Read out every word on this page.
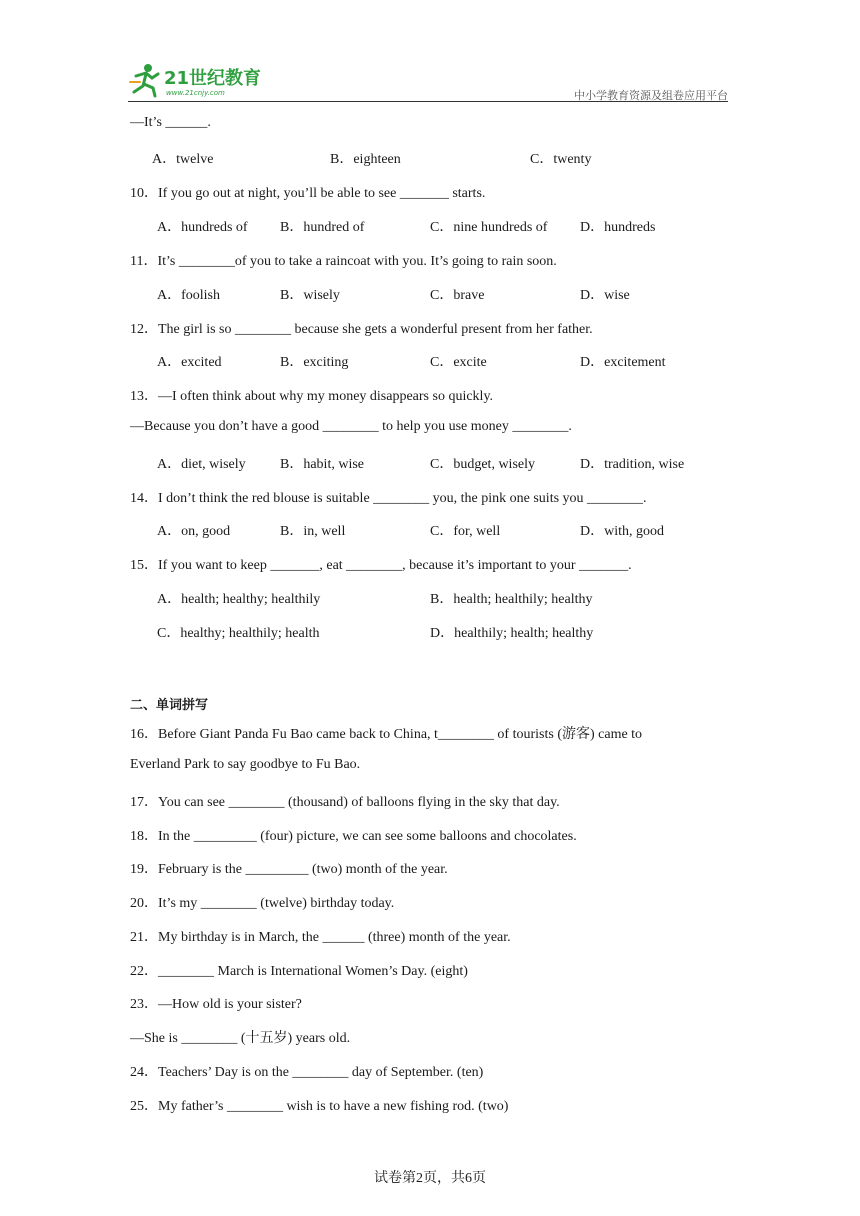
21世纪教育
www.21cnjy.com	中小学教育资源及组卷应用平台
—It’s ______.
A．twelve	B．eighteen	C．twenty
10．If you go out at night, you’ll be able to see _______ starts.
A．hundreds of B．hundred of	C．nine hundreds of D．hundreds
11．It’s ________of you to take a raincoat with you. It’s going to rain soon.
A．foolish	B．wisely	C．brave	D．wise
12．The girl is so ________ because she gets a wonderful present from her father.
A．excited	B．exciting	C．excite	D．excitement
13．—I often think about why my money disappears so quickly.
—Because you don’t have a good ________ to help you use money ________.
A．diet, wisely B．habit, wise	C．budget, wisely	D．tradition, wise
14．I don’t think the red blouse is suitable ________ you, the pink one suits you ________.
A．on, good	B．in, well	C．for, well	D．with, good
15．If you want to keep _______, eat ________, because it’s important to your _______.
A．health; healthy; healthily	B．health; healthily; healthy
C．healthy; healthily; health	D．healthily; health; healthy
二、单词拼写
16．Before Giant Panda Fu Bao came back to China, t________ of tourists (游客) came to
Everland Park to say goodbye to Fu Bao.
17．You can see ________ (thousand) of balloons flying in the sky that day.
18．In the _________ (four) picture, we can see some balloons and chocolates.
19．February is the _________ (two) month of the year.
20．It’s my ________ (twelve) birthday today.
21．My birthday is in March, the ______ (three) month of the year.
22．________ March is International Women’s Day. (eight)
23．—How old is your sister?
—She is ________ (十五岁) years old.
24．Teachers’ Day is on the ________ day of September. (ten)
25．My father’s ________ wish is to have a new fishing rod. (two)
试卷第2页，共6页
